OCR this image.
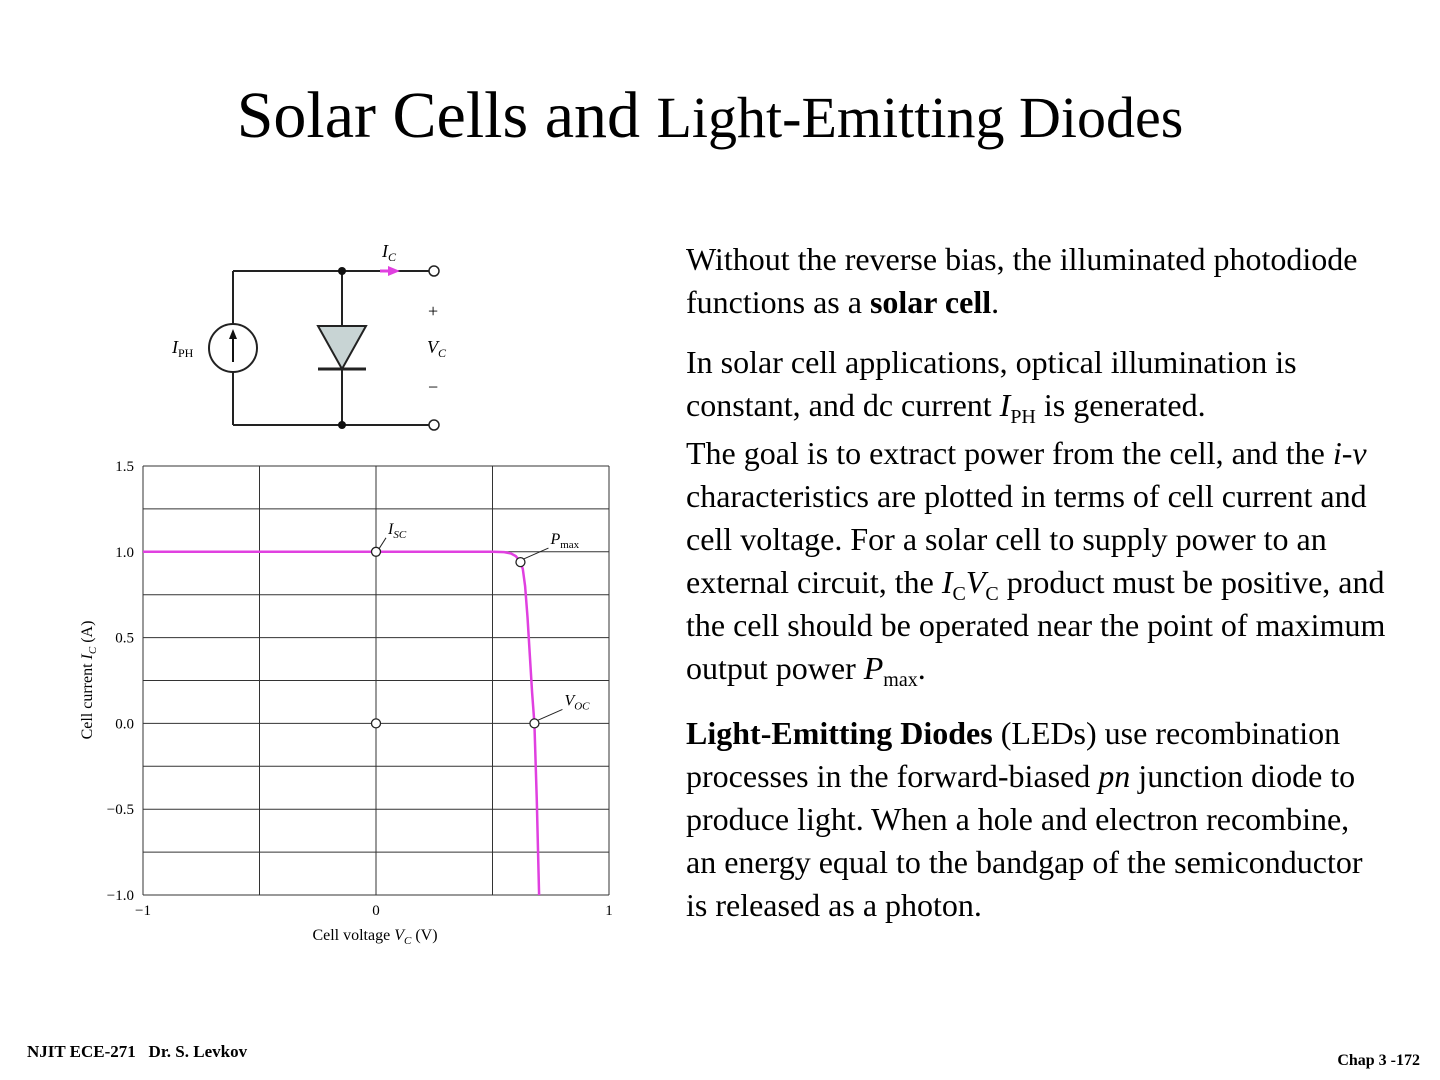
Solar Cells and Light-Emitting Diodes
$I_C$
$I_{PH}$	$V_C$
+
−
1.5
1.0
0.5
0.0
−0.5
−1.0
−1	0	1
$I_{SC}$	$P_{max}$
$V_{OC}$
Cell voltage $V_C$ (V)
Cell current $I_C$ (A)

Without the reverse bias, the illuminated photodiode functions as a solar cell.

In solar cell applications, optical illumination is constant, and dc current $I_{PH}$ is generated.

The goal is to extract power from the cell, and the i-v characteristics are plotted in terms of cell current and cell voltage. For a solar cell to supply power to an external circuit, the $I_CV_C$ product must be positive, and the cell should be operated near the point of maximum output power $P_{max}$.

Light-Emitting Diodes (LEDs) use recombination processes in the forward-biased pn junction diode to produce light. When a hole and electron recombine, an energy equal to the bandgap of the semiconductor is released as a photon.

NJIT ECE-271   Dr. S. Levkov	Chap 3 -172
